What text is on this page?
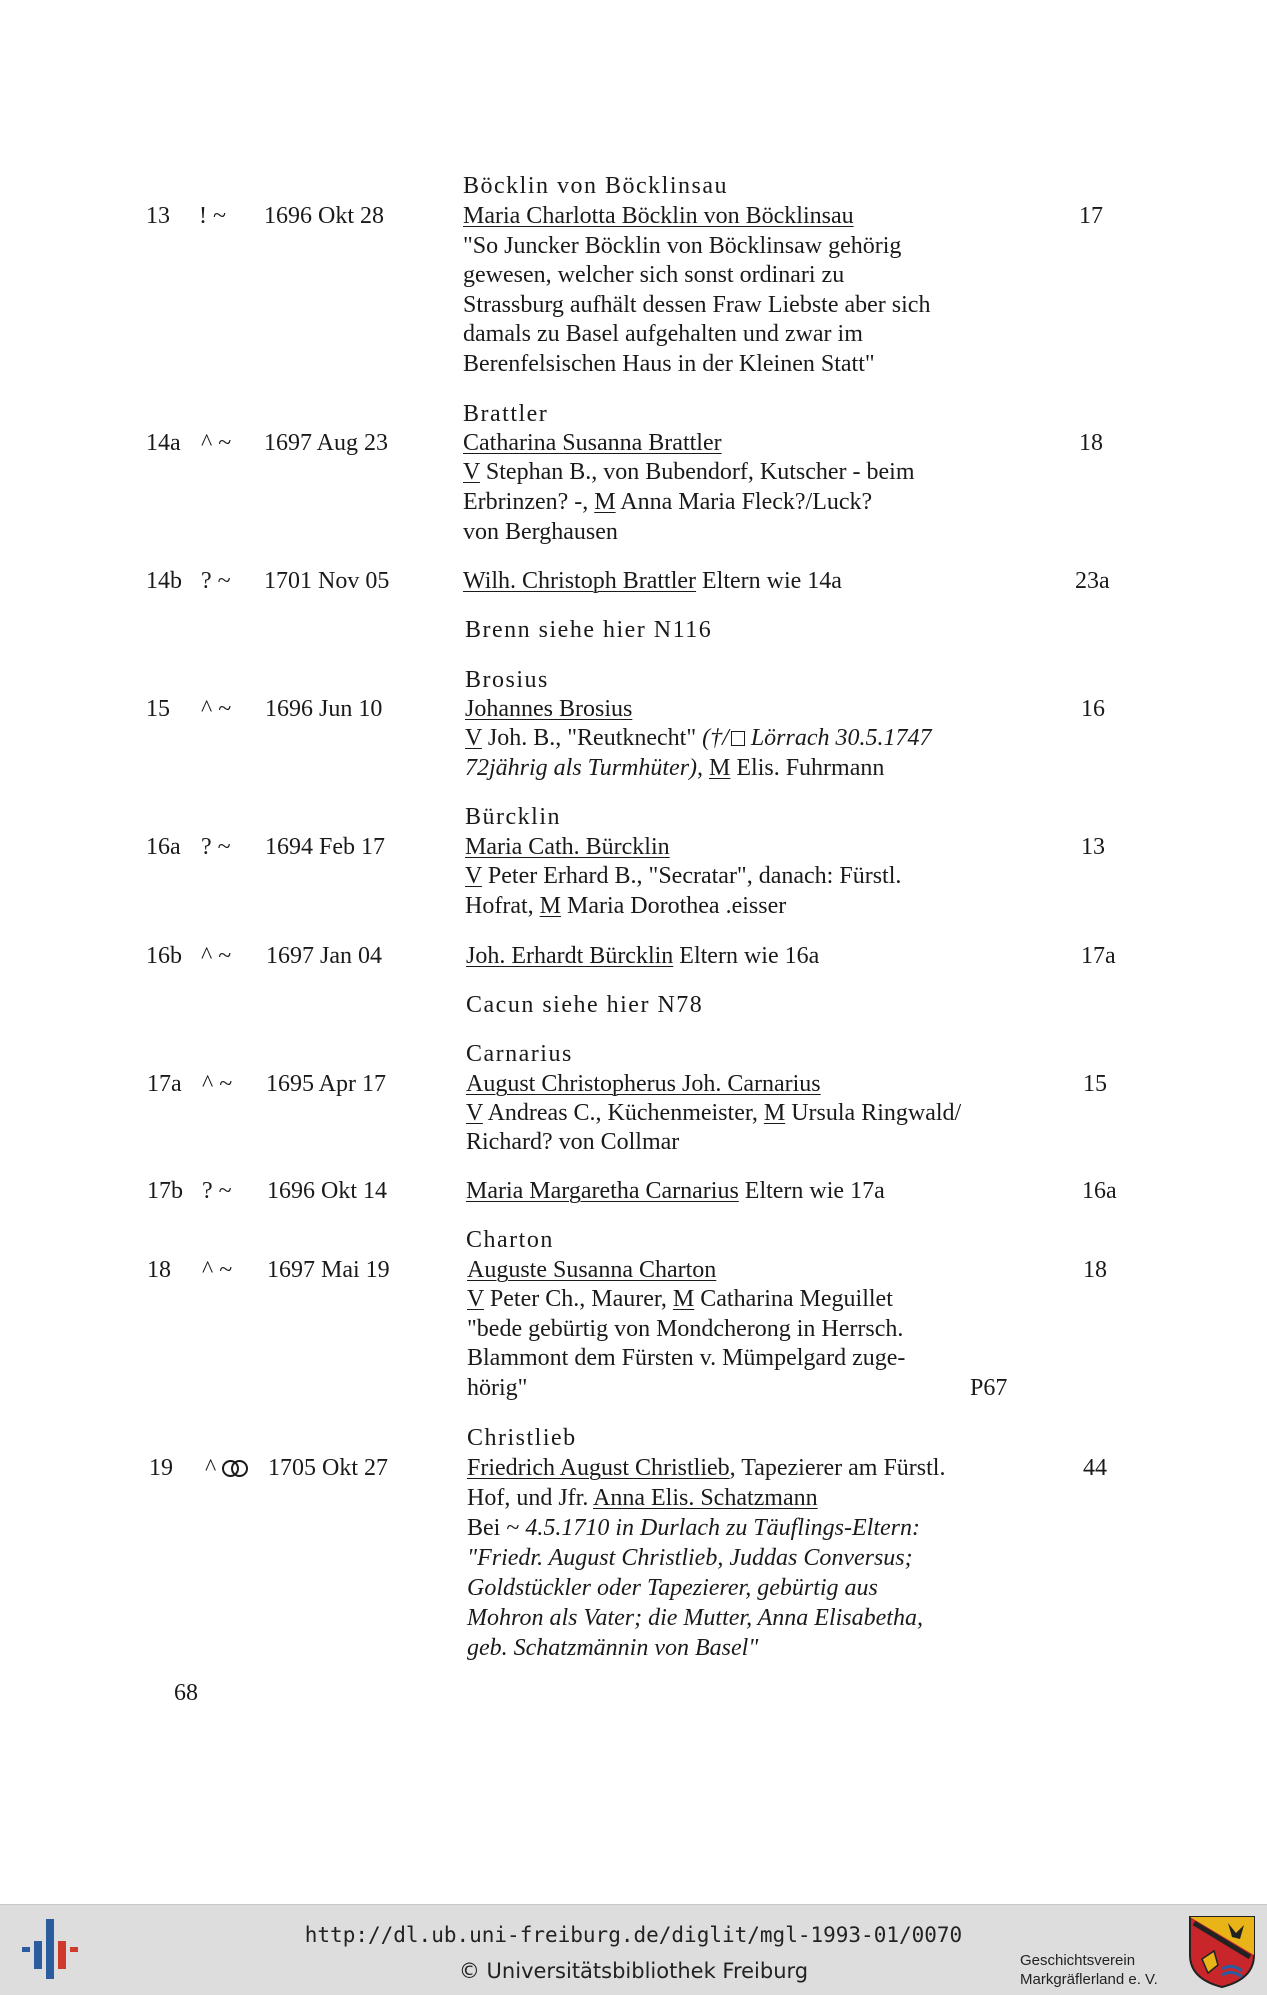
Böcklin von Böcklinsau
13 ! ~ 1696 Okt 28	Maria Charlotta Böcklin von Böcklinsau	17
"So Juncker Böcklin von Böcklinsaw gehörig
gewesen, welcher sich sonst ordinari zu
Strassburg aufhält dessen Fraw Liebste aber sich
damals zu Basel aufgehalten und zwar im
Berenfelsischen Haus in der Kleinen Statt"
Brattler
14a ^ ~ 1697 Aug 23	Catharina Susanna Brattler	18
V Stephan B., von Bubendorf, Kutscher - beim
Erbrinzen? -, M Anna Maria Fleck?/Luck?
von Berghausen
14b ? ~ 1701 Nov 05	Wilh. Christoph Brattler Eltern wie 14a	23a
Brenn siehe hier N116
Brosius
15 ^ ~ 1696 Jun 10	Johannes Brosius	16
V Joh. B., "Reutknecht" (†/ Lörrach 30.5.1747
72jährig als Turmhüter), M Elis. Fuhrmann
Bürcklin
16a ? ~ 1694 Feb 17	Maria Cath. Bürcklin	13
V Peter Erhard B., "Secratar", danach: Fürstl.
Hofrat, M Maria Dorothea .eisser
16b ^ ~ 1697 Jan 04	Joh. Erhardt Bürcklin Eltern wie 16a	17a
Cacun siehe hier N78
Carnarius
17a ^ ~ 1695 Apr 17	August Christopherus Joh. Carnarius	15
V Andreas C., Küchenmeister, M Ursula Ringwald/
Richard? von Collmar
17b ? ~ 1696 Okt 14	Maria Margaretha Carnarius Eltern wie 17a	16a
Charton
18 ^ ~ 1697 Mai 19	Auguste Susanna Charton	18
V Peter Ch., Maurer, M Catharina Meguillet
"bede gebürtig von Mondcherong in Herrsch.
Blammont dem Fürsten v. Mümpelgard zuge-
hörig"	P67
Christlieb
19 ^	1705 Okt 27	Friedrich August Christlieb, Tapezierer am Fürstl.	44
Hof, und Jfr. Anna Elis. Schatzmann
Bei ~ 4.5.1710 in Durlach zu Täuflings-Eltern:
"Friedr. August Christlieb, Juddas Conversus;
Goldstückler oder Tapezierer, gebürtig aus
Mohron als Vater; die Mutter, Anna Elisabetha,
geb. Schatzmännin von Basel"
68
http://dl.ub.uni-freiburg.de/diglit/mgl-1993-01/0070
© Universitätsbibliothek Freiburg	Geschichtsverein
Markgräflerland e. V.
